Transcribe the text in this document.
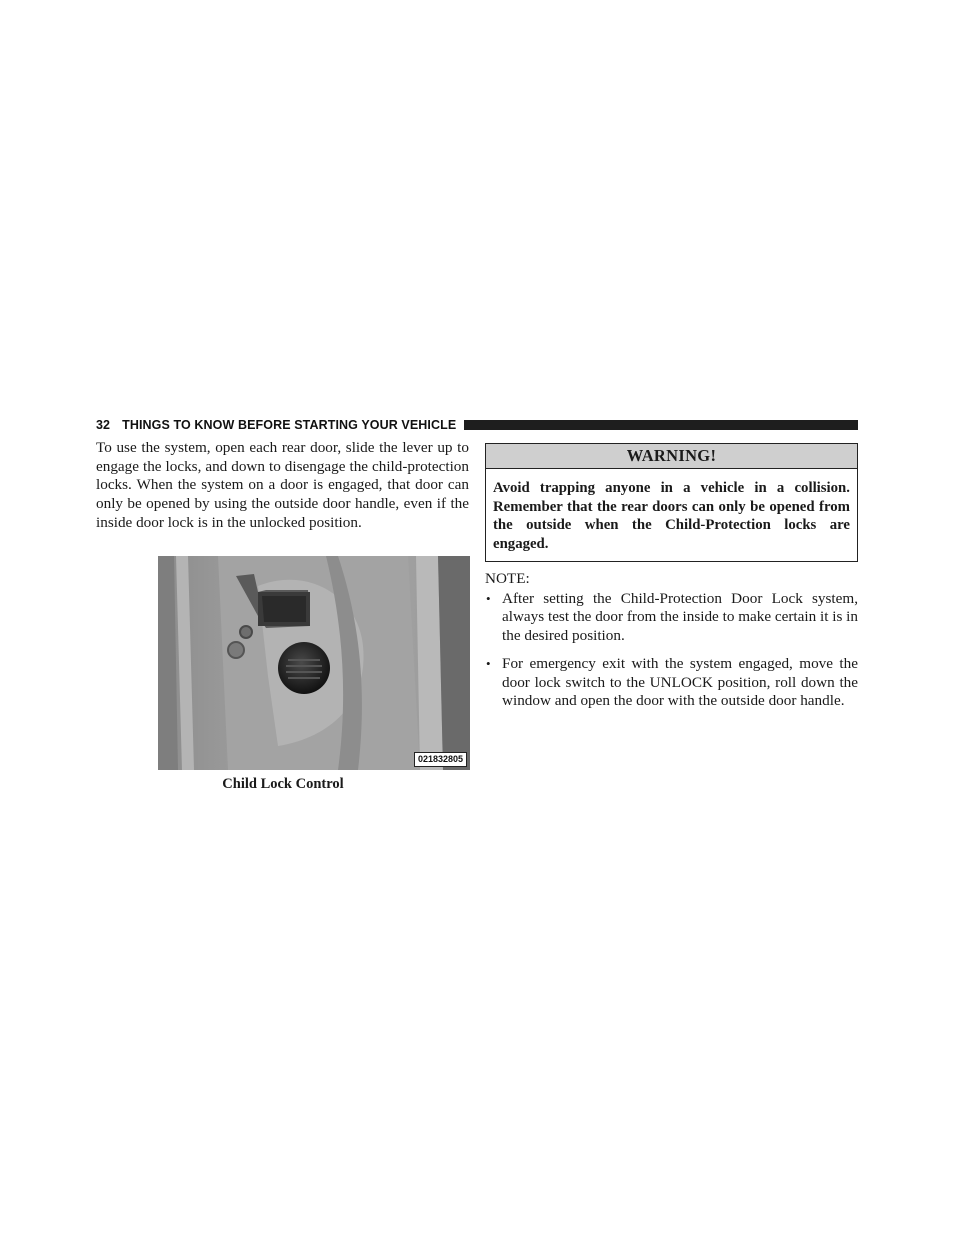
32 THINGS TO KNOW BEFORE STARTING YOUR VEHICLE

To use the system, open each rear door, slide the lever up to engage the locks, and down to disengage the child-protection locks. When the system on a door is engaged, that door can only be opened by using the outside door handle, even if the inside door lock is in the unlocked position.

021832805
Child Lock Control
WARNING!
Avoid trapping anyone in a vehicle in a collision. Remember that the rear doors can only be opened from the outside when the Child-Protection locks are engaged.

NOTE:

• After setting the Child-Protection Door Lock system, always test the door from the inside to make certain it is in the desired position.
• For emergency exit with the system engaged, move the door lock switch to the UNLOCK position, roll down the window and open the door with the outside door handle.
